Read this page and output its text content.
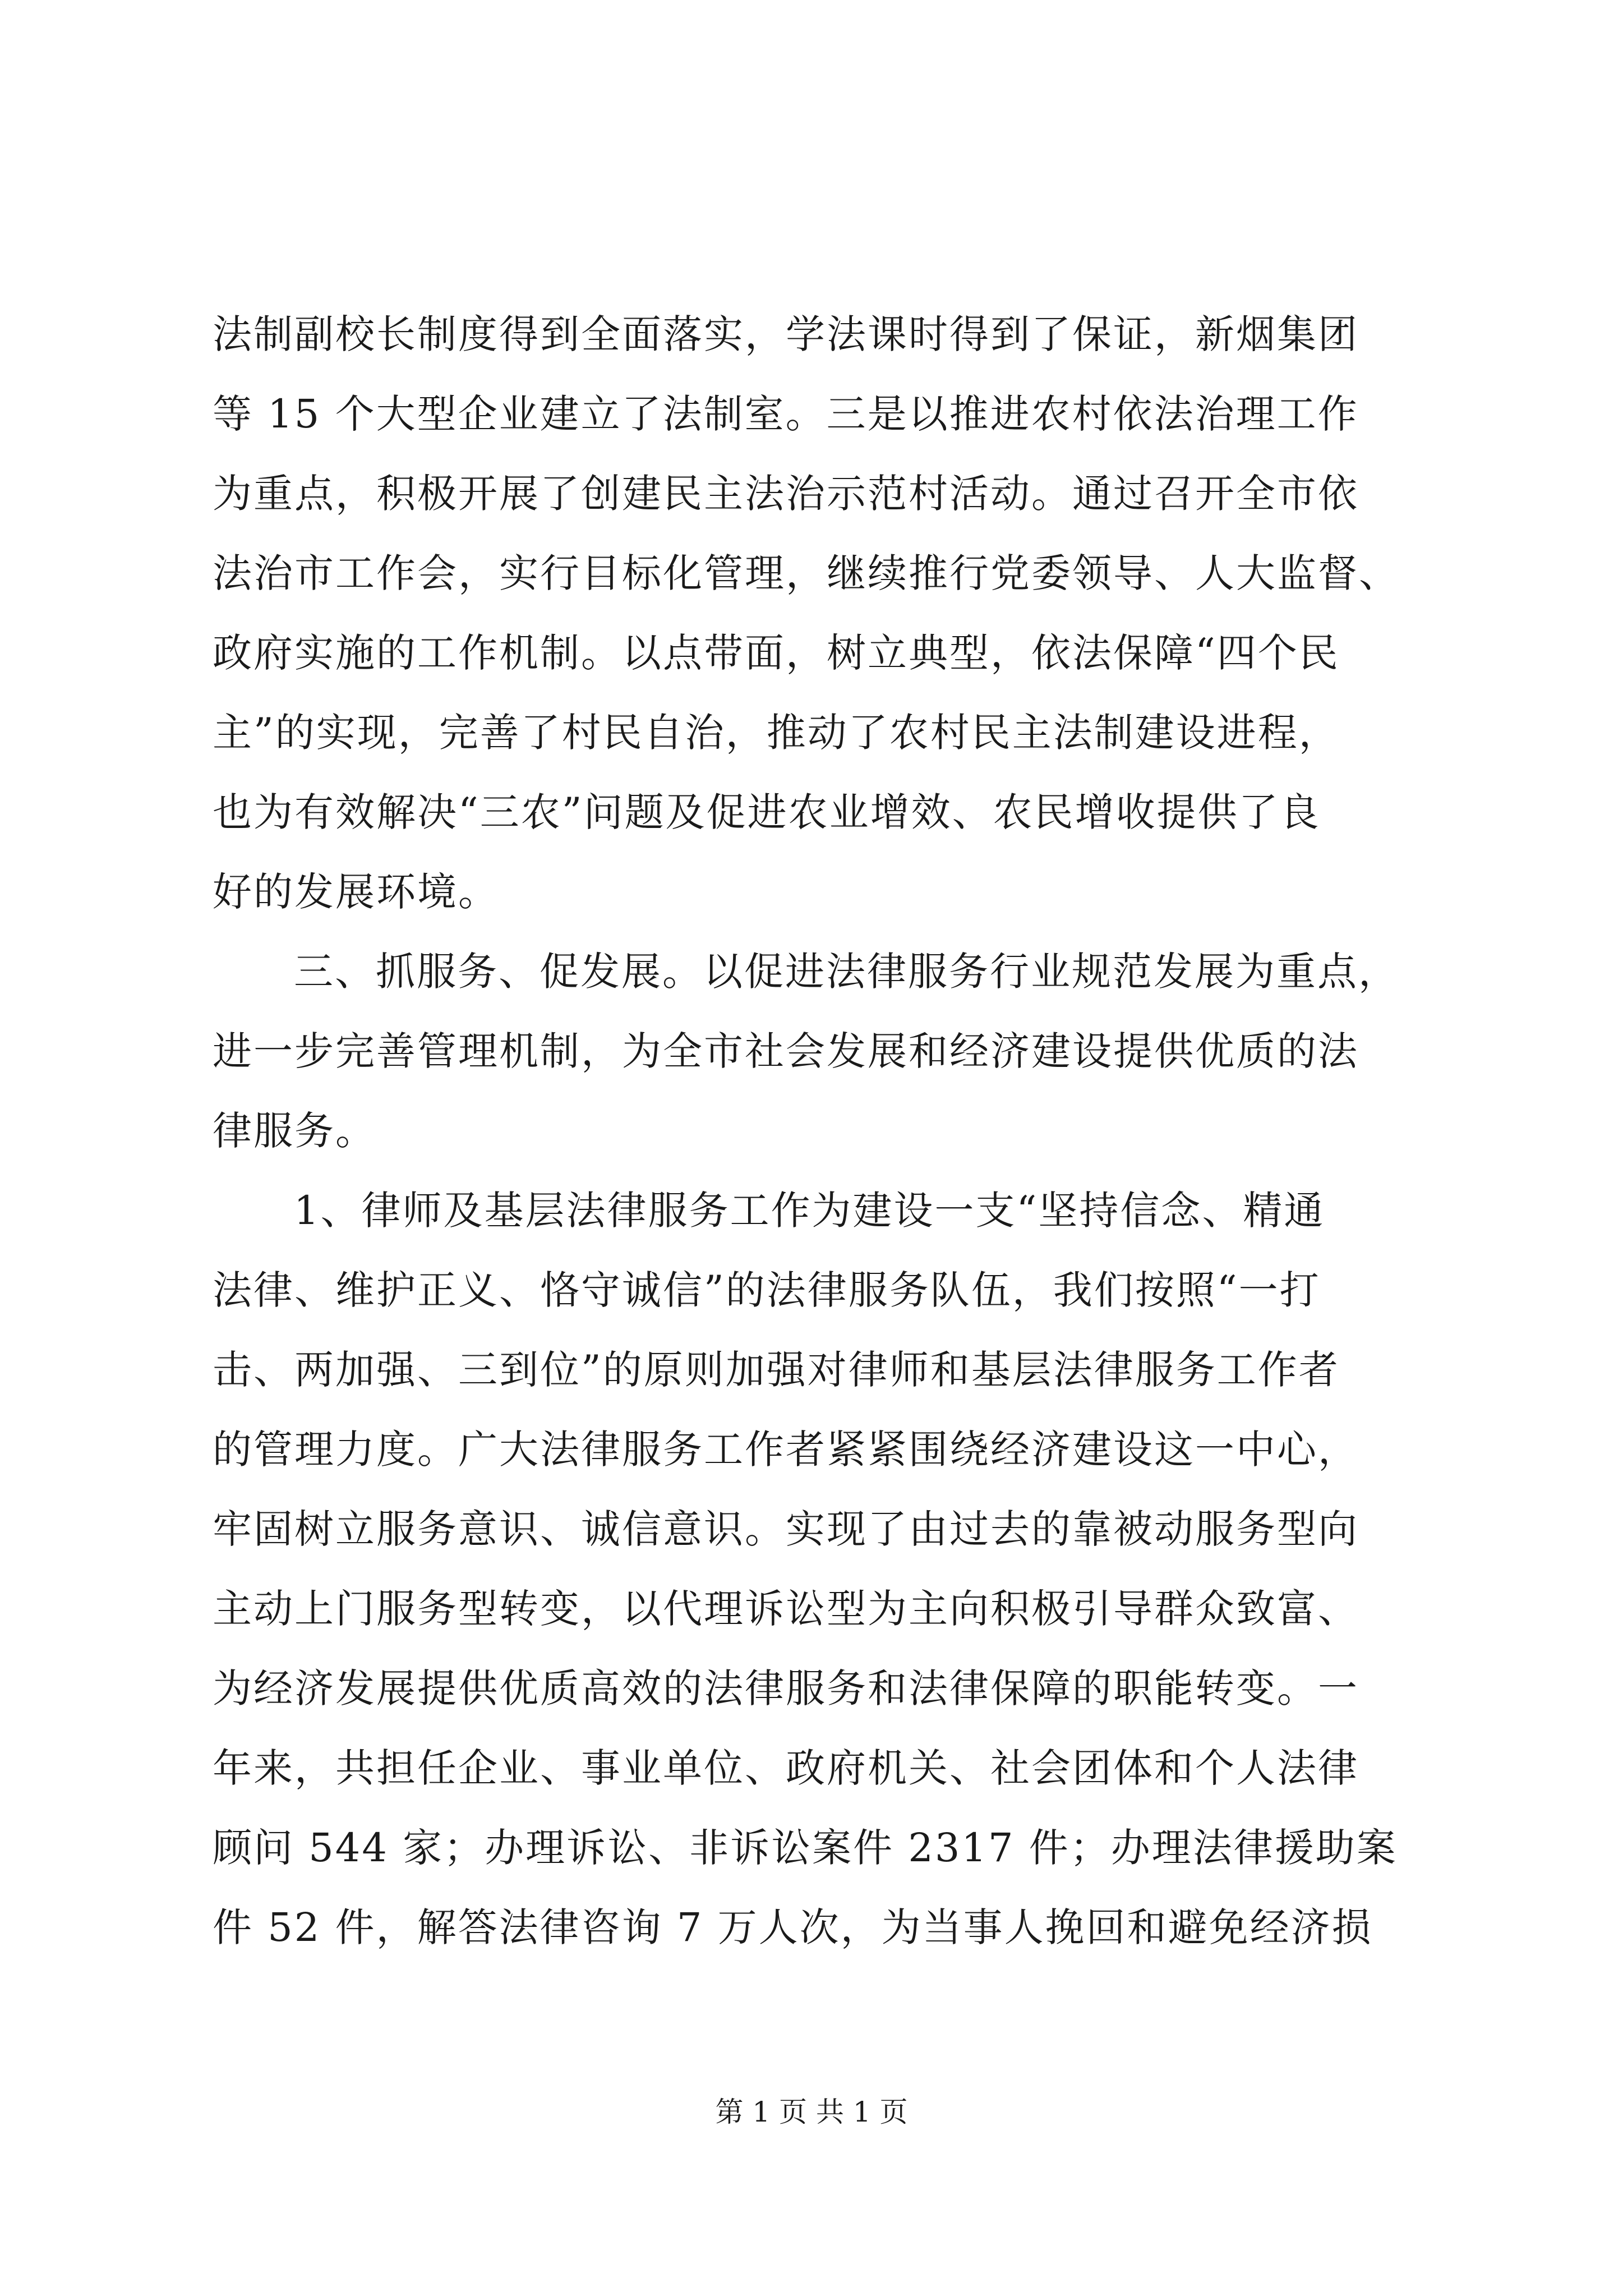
法制副校长制度得到全面落实，学法课时得到了保证，新烟集团
等 15 个大型企业建立了法制室。三是以推进农村依法治理工作
为重点，积极开展了创建民主法治示范村活动。通过召开全市依
法治市工作会，实行目标化管理，继续推行党委领导、人大监督、
政府实施的工作机制。以点带面，树立典型，依法保障“四个民
主”的实现，完善了村民自治，推动了农村民主法制建设进程，
也为有效解决“三农”问题及促进农业增效、农民增收提供了良
好的发展环境。
三、抓服务、促发展。以促进法律服务行业规范发展为重点，
进一步完善管理机制，为全市社会发展和经济建设提供优质的法
律服务。
1、律师及基层法律服务工作为建设一支“坚持信念、精通
法律、维护正义、恪守诚信”的法律服务队伍，我们按照“一打
击、两加强、三到位”的原则加强对律师和基层法律服务工作者
的管理力度。广大法律服务工作者紧紧围绕经济建设这一中心，
牢固树立服务意识、诚信意识。实现了由过去的靠被动服务型向
主动上门服务型转变，以代理诉讼型为主向积极引导群众致富、
为经济发展提供优质高效的法律服务和法律保障的职能转变。一
年来，共担任企业、事业单位、政府机关、社会团体和个人法律
顾问 544 家；办理诉讼、非诉讼案件 2317 件；办理法律援助案
件 52 件，解答法律咨询 7 万人次，为当事人挽回和避免经济损
第 1 页 共 1 页
